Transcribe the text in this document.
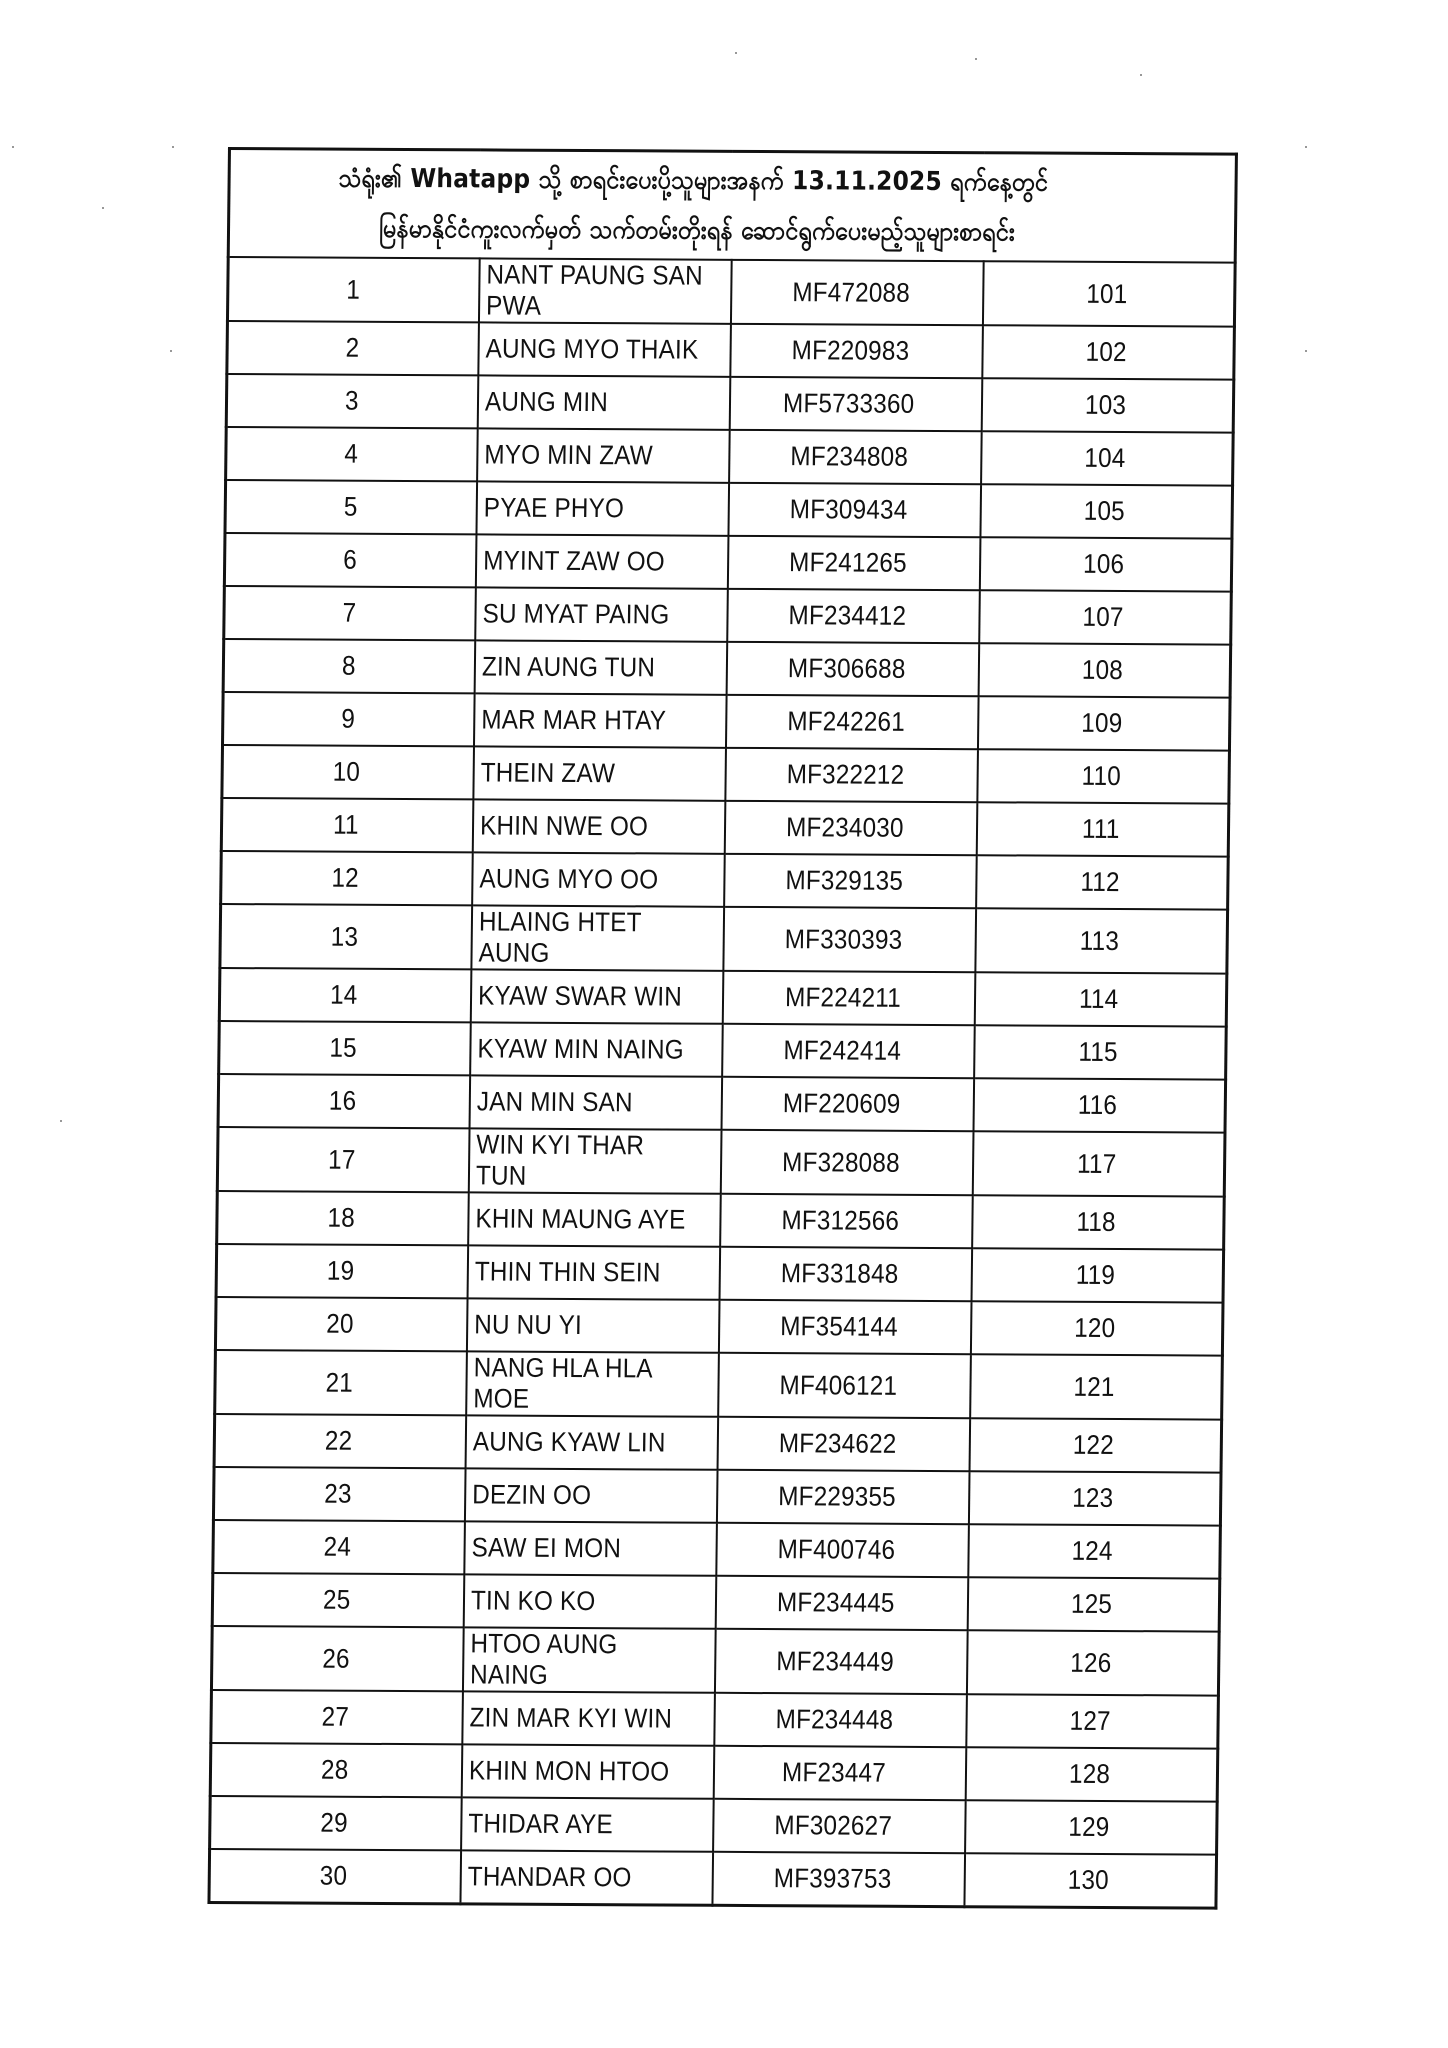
သံရုံး၏ Whatapp သို့ စာရင်းပေးပို့သူများအနက် 13.11.2025 ရက်နေ့တွင် မြန်မာနိုင်ငံကူးလက်မှတ် သက်တမ်းတိုးရန် ဆောင်ရွက်ပေးမည့်သူများစာရင်း			
1	NANT PAUNG SAN PWA	MF472088	101
2	AUNG MYO THAIK	MF220983	102
3	AUNG MIN	MF5733360	103
4	MYO MIN ZAW	MF234808	104
5	PYAE PHYO	MF309434	105
6	MYINT ZAW OO	MF241265	106
7	SU MYAT PAING	MF234412	107
8	ZIN AUNG TUN	MF306688	108
9	MAR MAR HTAY	MF242261	109
10	THEIN ZAW	MF322212	110
11	KHIN NWE OO	MF234030	111
12	AUNG MYO OO	MF329135	112
13	HLAING HTET AUNG	MF330393	113
14	KYAW SWAR WIN	MF224211	114
15	KYAW MIN NAING	MF242414	115
16	JAN MIN SAN	MF220609	116
17	WIN KYI THAR TUN	MF328088	117
18	KHIN MAUNG AYE	MF312566	118
19	THIN THIN SEIN	MF331848	119
20	NU NU YI	MF354144	120
21	NANG HLA HLA MOE	MF406121	121
22	AUNG KYAW LIN	MF234622	122
23	DEZIN OO	MF229355	123
24	SAW EI MON	MF400746	124
25	TIN KO KO	MF234445	125
26	HTOO AUNG NAING	MF234449	126
27	ZIN MAR KYI WIN	MF234448	127
28	KHIN MON HTOO	MF23447	128
29	THIDAR AYE	MF302627	129
30	THANDAR OO	MF393753	130
